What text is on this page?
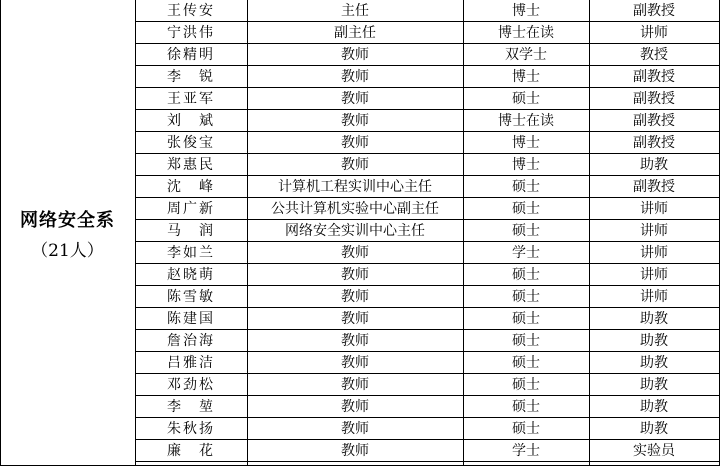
网络安全系
（21人）
王传安	主任	博士	副教授
宁洪伟	副主任	博士在读	讲师
徐精明	教师	双学士	教授
李　锐	教师	博士	副教授
王亚军	教师	硕士	副教授
刘　斌	教师	博士在读	副教授
张俊宝	教师	博士	副教授
郑惠民	教师	博士	助教
沈　峰	计算机工程实训中心主任	硕士	副教授
周广新	公共计算机实验中心副主任	硕士	讲师
马　润	网络安全实训中心主任	硕士	讲师
李如兰	教师	学士	讲师
赵晓萌	教师	硕士	讲师
陈雪敏	教师	硕士	讲师
陈建国	教师	硕士	助教
詹治海	教师	硕士	助教
吕雅洁	教师	硕士	助教
邓劲松	教师	硕士	助教
李　堃	教师	硕士	助教
朱秋扬	教师	硕士	助教
廉　花	教师	学士	实验员
